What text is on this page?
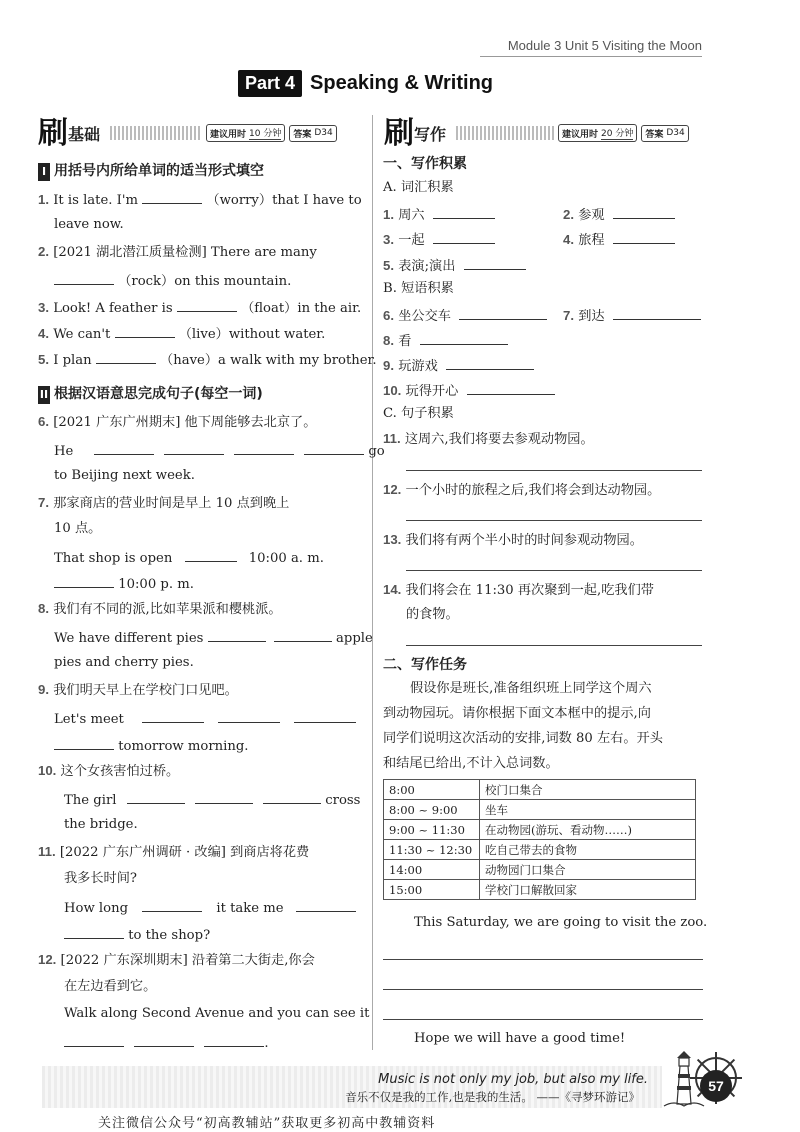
Module 3 Unit 5 Visiting the Moon
Part 4 Speaking & Writing
刷 基础	建议用时 10 分钟 答案 D34 刷 写作	建议用时 20 分钟 答案 D34
I 用括号内所给单词的适当形式填空
1. It is late. I'm	（worry）that I have to
leave now.
2. [2021 湖北潜江质量检测] There are many
（rock）on this mountain.
3. Look! A feather is	（float）in the air.
4. We can't	（live）without water.
5. I plan	（have）a walk with my brother.
II 根据汉语意思完成句子(每空一词)
6. [2021 广东广州期末] 他下周能够去北京了。
He	go
to Beijing next week.
7. 那家商店的营业时间是早上 10 点到晚上
10 点。
That shop is open	10:00 a. m.
10:00 p. m.
8. 我们有不同的派,比如苹果派和樱桃派。
We have different pies	apple
pies and cherry pies.
9. 我们明天早上在学校门口见吧。
Let's meet
tomorrow morning.
10. 这个女孩害怕过桥。
The girl	cross
the bridge.
11. [2022 广东广州调研 · 改编] 到商店将花费
我多长时间?
How long	it take me
to the shop?
12. [2022 广东深圳期末] 沿着第二大街走,你会
在左边看到它。
Walk along Second Avenue and you can see it
.
一、写作积累
A. 词汇积累
1. 周六	2. 参观
3. 一起	4. 旅程
5. 表演;演出
B. 短语积累
6. 坐公交车	7. 到达
8. 看
9. 玩游戏
10. 玩得开心
C. 句子积累
11. 这周六,我们将要去参观动物园。
12. 一个小时的旅程之后,我们将会到达动物园。
13. 我们将有两个半小时的时间参观动物园。
14. 我们将会在 11:30 再次聚到一起,吃我们带
的食物。
二、写作任务
假设你是班长,准备组织班上同学这个周六
到动物园玩。请你根据下面文本框中的提示,向
同学们说明这次活动的安排,词数 80 左右。开头
和结尾已给出,不计入总词数。
8:00	校门口集合
8:00 ~ 9:00	坐车
9:00 ~ 11:30	在动物园(游玩、看动物……)
11:30 ~ 12:30	吃自己带去的食物
14:00	动物园门口集合
15:00	学校门口解散回家
This Saturday, we are going to visit the zoo.
Hope we will have a good time!
Music is not only my job, but also my life.
音乐不仅是我的工作,也是我的生活。 ——《寻梦环游记》
57
关注微信公众号“初高教辅站”获取更多初高中教辅资料
